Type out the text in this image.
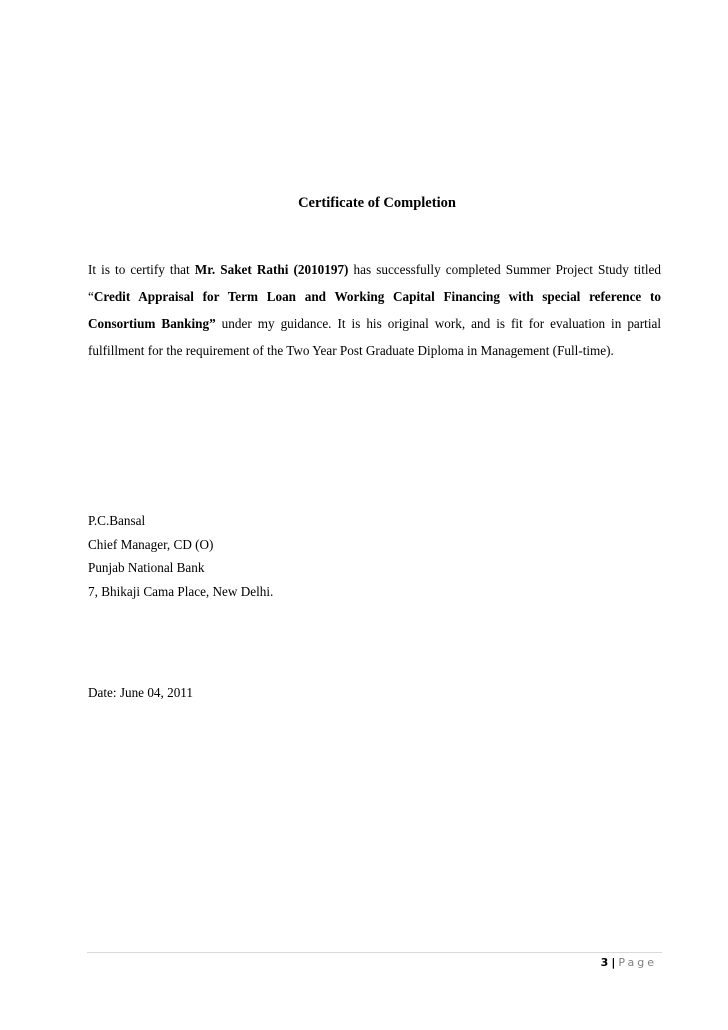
Certificate of Completion

It is to certify that Mr. Saket Rathi (2010197) has successfully completed Summer Project Study titled “Credit Appraisal for Term Loan and Working Capital Financing with special reference to Consortium Banking” under my guidance. It is his original work, and is fit for evaluation in partial fulfillment for the requirement of the Two Year Post Graduate Diploma in Management (Full-time).

P.C.Bansal
Chief Manager, CD (O)
Punjab National Bank
7, Bhikaji Cama Place, New Delhi.
Date: June 04, 2011
3 | Page
